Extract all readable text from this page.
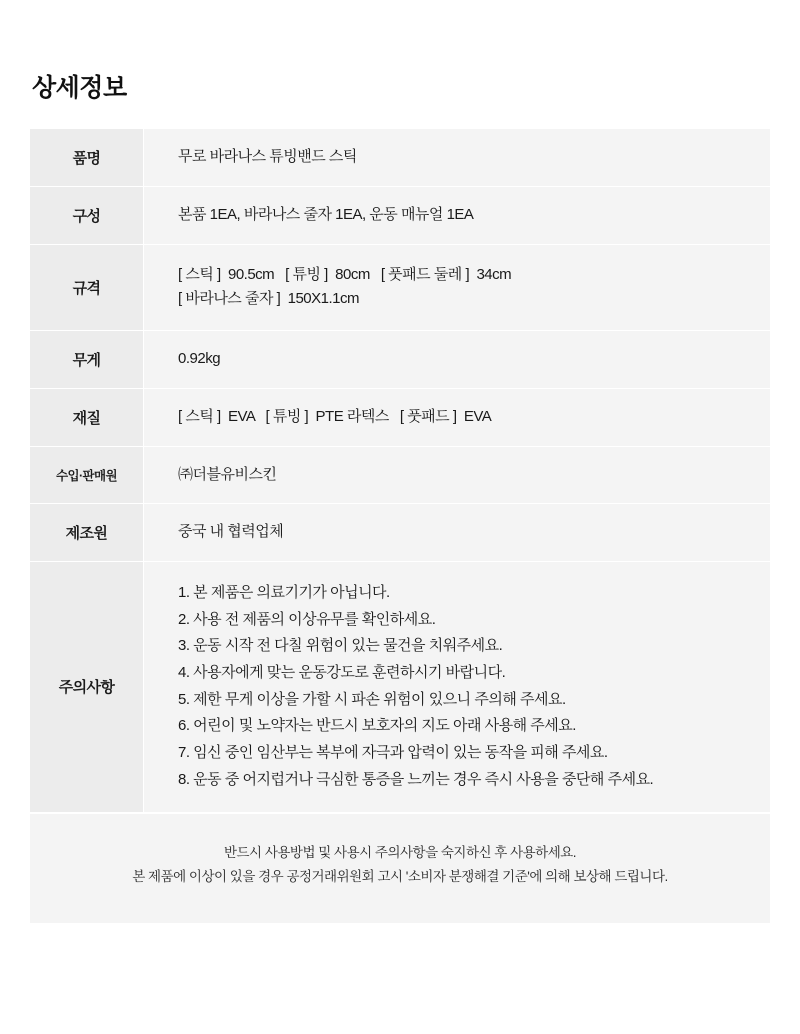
상세정보
품명	무로 바라나스 튜빙밴드 스틱

구성	본품 1EA, 바라나스 줄자 1EA, 운동 매뉴얼 1EA

규격	[ 스틱 ]  90.5cm   [ 튜빙 ]  80cm   [ 풋패드 둘레 ]  34cm
[ 바라나스 줄자 ]  150X1.1cm

무게	0.92kg

재질	[ 스틱 ]  EVA   [ 튜빙 ]  PTE 라텍스   [ 풋패드 ]  EVA

수입·판매원	㈜더블유비스킨

제조원	중국 내 협력업체

주의사항	
1. 본 제품은 의료기기가 아닙니다.
2. 사용 전 제품의 이상유무를 확인하세요.
3. 운동 시작 전 다칠 위험이 있는 물건을 치워주세요.
4. 사용자에게 맞는 운동강도로 훈련하시기 바랍니다.
5. 제한 무게 이상을 가할 시 파손 위험이 있으니 주의해 주세요.
6. 어린이 및 노약자는 반드시 보호자의 지도 아래 사용해 주세요.
7. 임신 중인 임산부는 복부에 자극과 압력이 있는 동작을 피해 주세요.
8. 운동 중 어지럽거나 극심한 통증을 느끼는 경우 즉시 사용을 중단해 주세요.
반드시 사용방법 및 사용시 주의사항을 숙지하신 후 사용하세요.
본 제품에 이상이 있을 경우 공정거래위원회 고시 '소비자 분쟁해결 기준'에 의해 보상해 드립니다.
